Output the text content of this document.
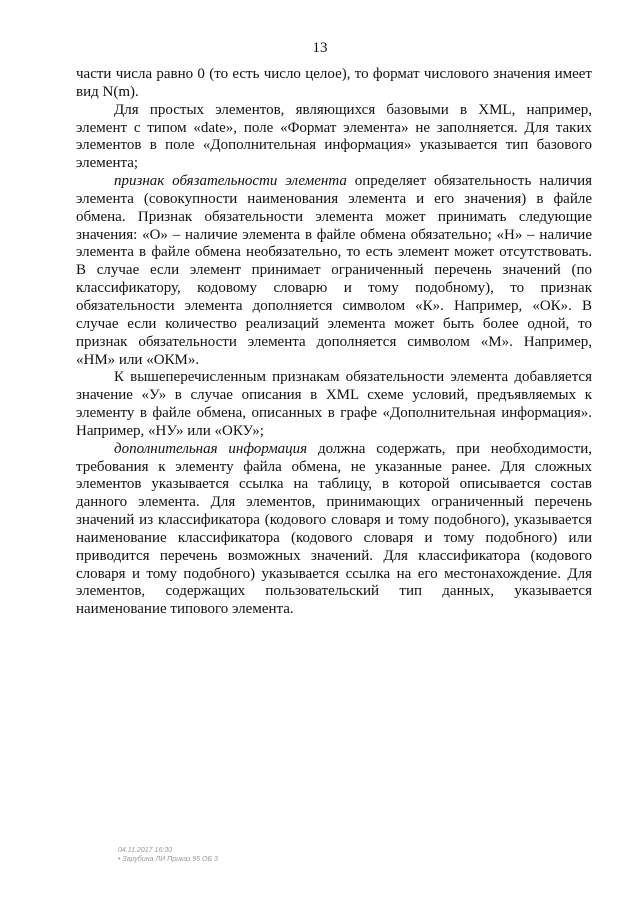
13
части числа равно 0 (то есть число целое), то формат числового значения имеет
вид N(m).
Для простых элементов, являющихся базовыми в XML, например,
элемент с типом «date», поле «Формат элемента» не заполняется. Для таких
элементов в поле «Дополнительная информация» указывается тип базового
элемента;
признак обязательности элемента определяет обязательность наличия
элемента (совокупности наименования элемента и его значения) в файле
обмена. Признак обязательности элемента может принимать следующие
значения: «О» – наличие элемента в файле обмена обязательно; «Н» – наличие
элемента в файле обмена необязательно, то есть элемент может отсутствовать.
В случае если элемент принимает ограниченный перечень значений (по
классификатору, кодовому словарю и тому подобному), то признак
обязательности элемента дополняется символом «К». Например, «ОК». В
случае если количество реализаций элемента может быть более одной, то
признак обязательности элемента дополняется символом «М». Например,
«НМ» или «ОКМ».
К вышеперечисленным признакам обязательности элемента добавляется
значение «У» в случае описания в XML схеме условий, предъявляемых к
элементу в файле обмена, описанных в графе «Дополнительная информация».
Например, «НУ» или «ОКУ»;
дополнительная информация должна содержать, при необходимости,
требования к элементу файла обмена, не указанные ранее. Для сложных
элементов указывается ссылка на таблицу, в которой описывается состав
данного элемента. Для элементов, принимающих ограниченный перечень
значений из классификатора (кодового словаря и тому подобного), указывается
наименование классификатора (кодового словаря и тому подобного) или
приводится перечень возможных значений. Для классификатора (кодового
словаря и тому подобного) указывается ссылка на его местонахождение. Для
элементов, содержащих пользовательский тип данных, указывается
наименование типового элемента.
04.11.2017 16:30
• Зарубина ЛИ Приказ 95 ОБ 3
